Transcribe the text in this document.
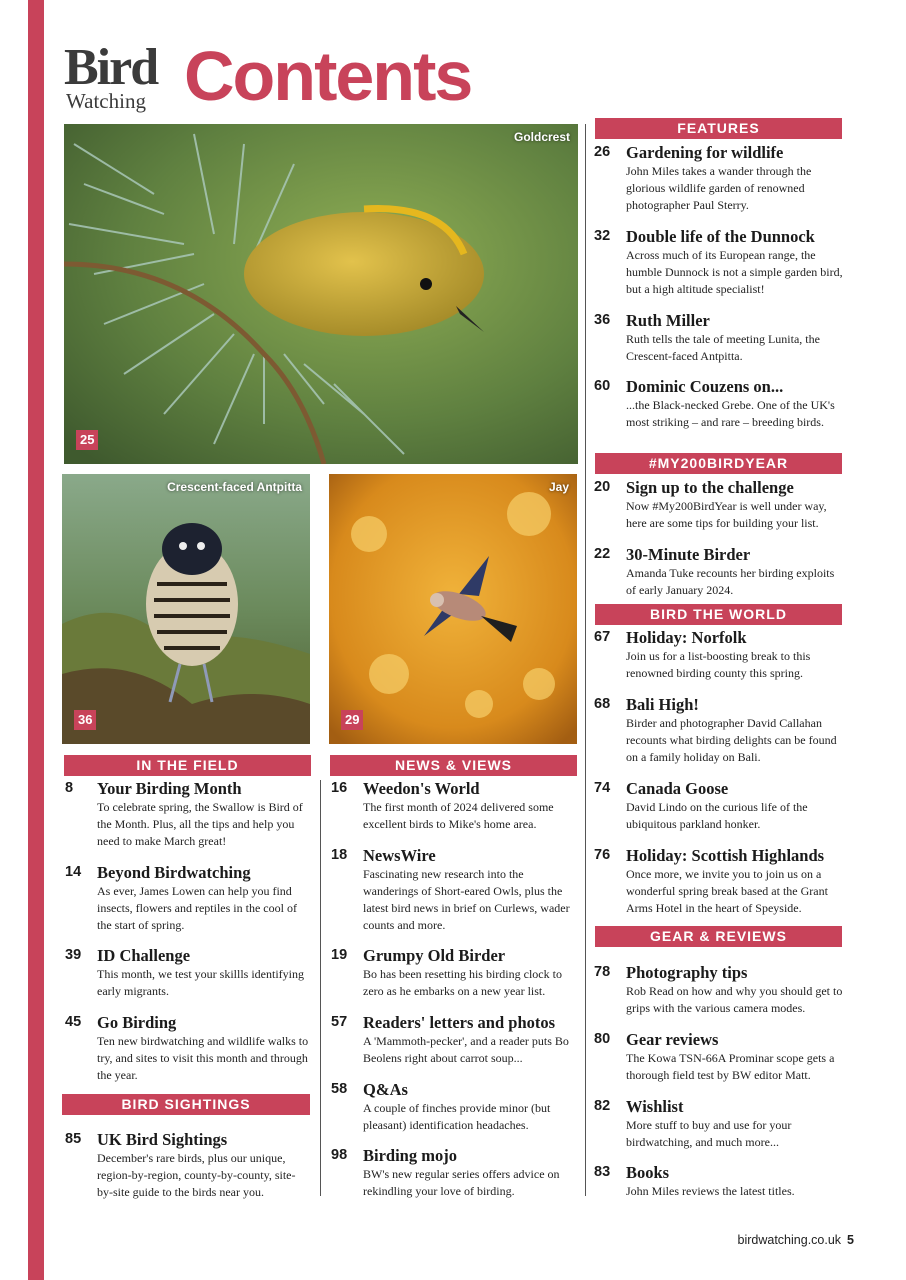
Bird
Watching Contents
Goldcrest
25
Crescent-faced Antpitta
36
Jay
29
IN THE FIELD
BIRD SIGHTINGS
NEWS & VIEWS
FEATURES
#MY200BIRDYEAR
BIRD THE WORLD
GEAR & REVIEWS
8 Your Birding Month
To celebrate spring, the Swallow is Bird of the Month. Plus, all the tips and help you need to make March great!
14 Beyond Birdwatching
As ever, James Lowen can help you find insects, flowers and reptiles in the cool of the start of spring.
39 ID Challenge
This month, we test your skillls identifying early migrants.
45 Go Birding
Ten new birdwatching and wildlife walks to try, and sites to visit this month and through the year.
85 UK Bird Sightings
December's rare birds, plus our unique, region-by-region, county-by-county, site-by-site guide to the birds near you.
16 Weedon's World
The first month of 2024 delivered some excellent birds to Mike's home area.
18 NewsWire
Fascinating new research into the wanderings of Short-eared Owls, plus the latest bird news in brief on Curlews, wader counts and more.
19 Grumpy Old Birder
Bo has been resetting his birding clock to zero as he embarks on a new year list.
57 Readers' letters and photos
A 'Mammoth-pecker', and a reader puts Bo Beolens right about carrot soup...
58 Q&As
A couple of finches provide minor (but pleasant) identification headaches.
98 Birding mojo
BW's new regular series offers advice on rekindling your love of birding.
26 Gardening for wildlife
John Miles takes a wander through the glorious wildlife garden of renowned photographer Paul Sterry.
32 Double life of the Dunnock
Across much of its European range, the humble Dunnock is not a simple garden bird, but a high altitude specialist!
36 Ruth Miller
Ruth tells the tale of meeting Lunita, the Crescent-faced Antpitta.
60 Dominic Couzens on...
...the Black-necked Grebe. One of the UK's most striking – and rare – breeding birds.
20 Sign up to the challenge
Now #My200BirdYear is well under way, here are some tips for building your list.
22 30-Minute Birder
Amanda Tuke recounts her birding exploits of early January 2024.
67 Holiday: Norfolk
Join us for a list-boosting break to this renowned birding county this spring.
68 Bali High!
Birder and photographer David Callahan recounts what birding delights can be found on a family holiday on Bali.
74 Canada Goose
David Lindo on the curious life of the ubiquitous parkland honker.
76 Holiday: Scottish Highlands
Once more, we invite you to join us on a wonderful spring break based at the Grant Arms Hotel in the heart of Speyside.
78 Photography tips
Rob Read on how and why you should get to grips with the various camera modes.
80 Gear reviews
The Kowa TSN-66A Prominar scope gets a thorough field test by BW editor Matt.
82 Wishlist
More stuff to buy and use for your birdwatching, and much more...
83 Books
John Miles reviews the latest titles.
birdwatching.co.uk 5
